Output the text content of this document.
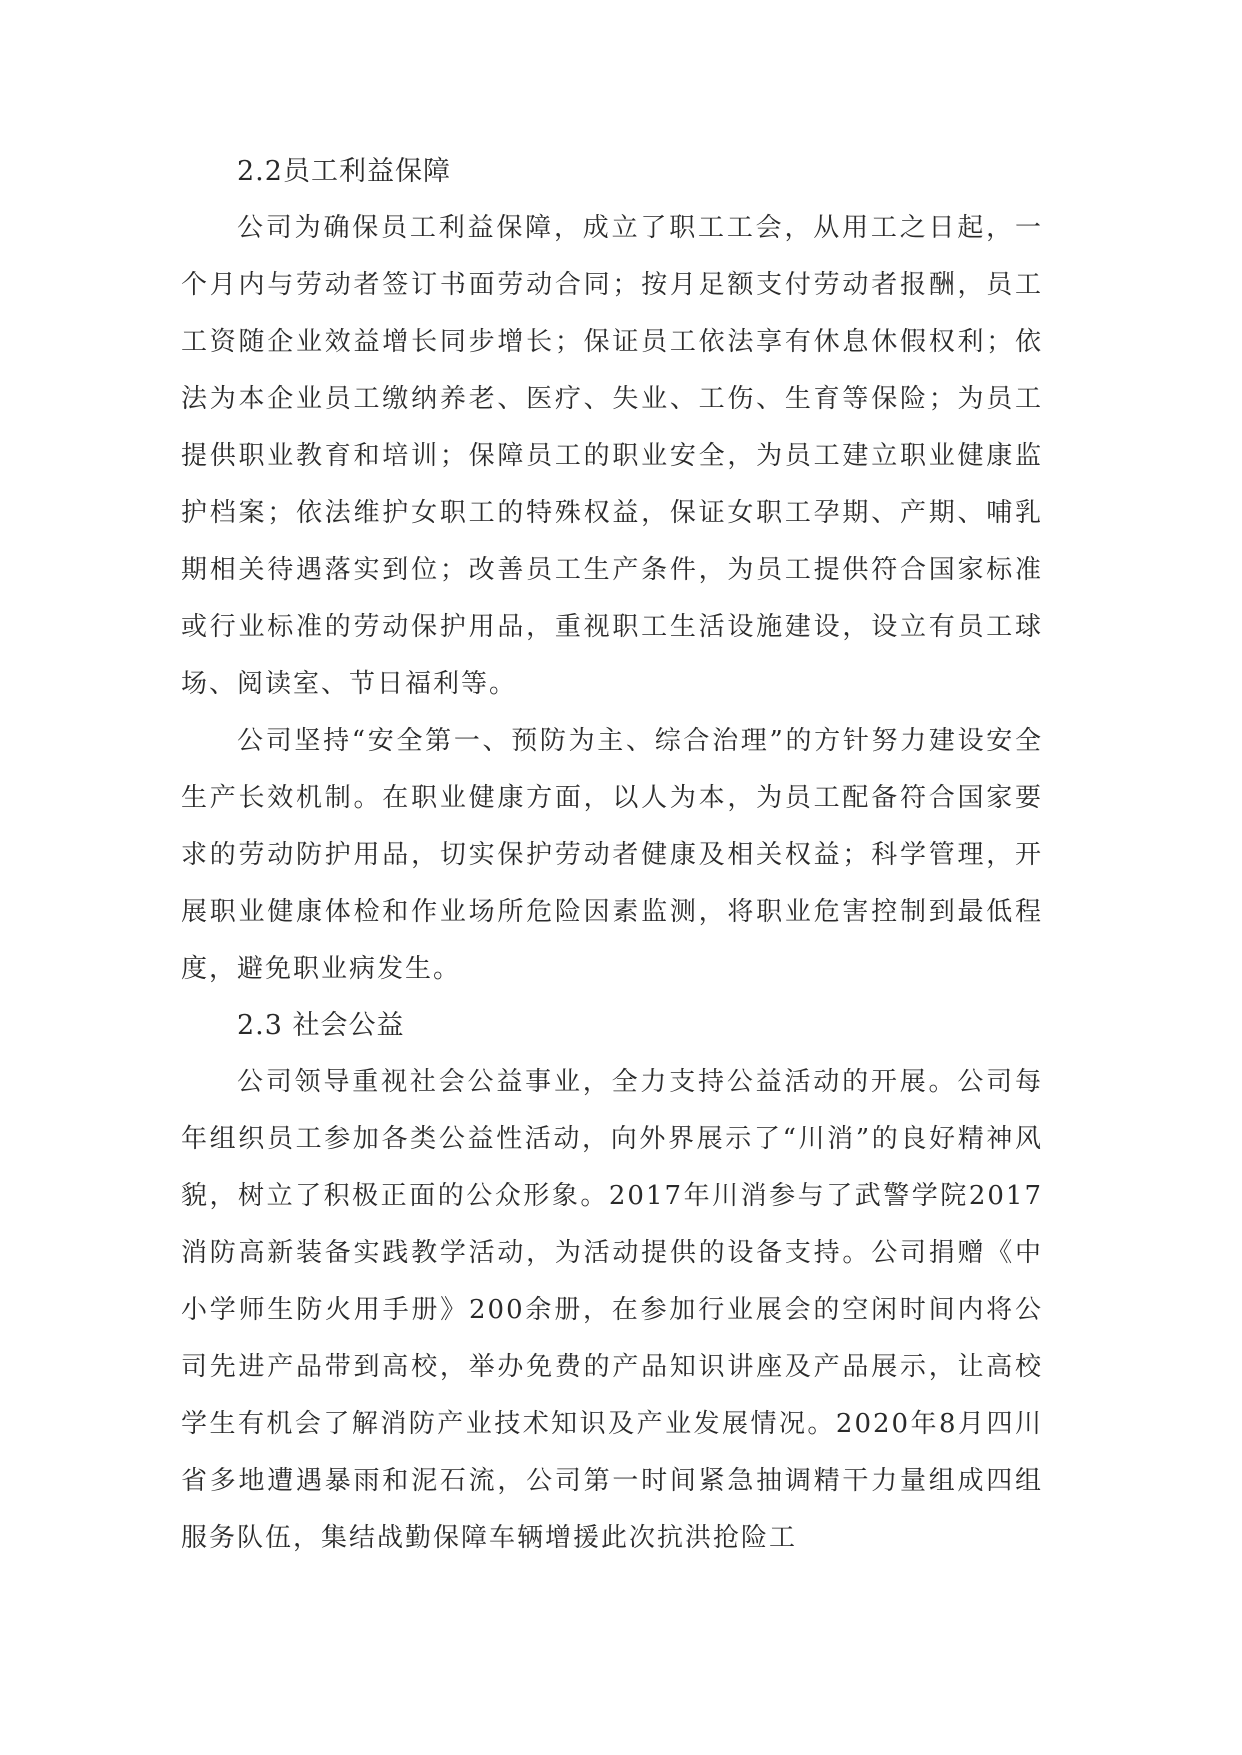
2.2员工利益保障

公司为确保员工利益保障，成立了职工工会，从用工之日起，一个月内与劳动者签订书面劳动合同；按月足额支付劳动者报酬，员工工资随企业效益增长同步增长；保证员工依法享有休息休假权利；依法为本企业员工缴纳养老、医疗、失业、工伤、生育等保险；为员工提供职业教育和培训；保障员工的职业安全，为员工建立职业健康监护档案；依法维护女职工的特殊权益，保证女职工孕期、产期、哺乳期相关待遇落实到位；改善员工生产条件，为员工提供符合国家标准或行业标准的劳动保护用品，重视职工生活设施建设，设立有员工球场、阅读室、节日福利等。

公司坚持“安全第一、预防为主、综合治理”的方针努力建设安全生产长效机制。在职业健康方面，以人为本，为员工配备符合国家要求的劳动防护用品，切实保护劳动者健康及相关权益；科学管理，开展职业健康体检和作业场所危险因素监测，将职业危害控制到最低程度，避免职业病发生。

2.3 社会公益

公司领导重视社会公益事业，全力支持公益活动的开展。公司每年组织员工参加各类公益性活动，向外界展示了“川消”的良好精神风貌，树立了积极正面的公众形象。2017年川消参与了武警学院2017消防高新装备实践教学活动，为活动提供的设备支持。公司捐赠《中小学师生防火用手册》200余册，在参加行业展会的空闲时间内将公司先进产品带到高校，举办免费的产品知识讲座及产品展示，让高校学生有机会了解消防产业技术知识及产业发展情况。2020年8月四川省多地遭遇暴雨和泥石流，公司第一时间紧急抽调精干力量组成四组服务队伍，集结战勤保障车辆增援此次抗洪抢险工
